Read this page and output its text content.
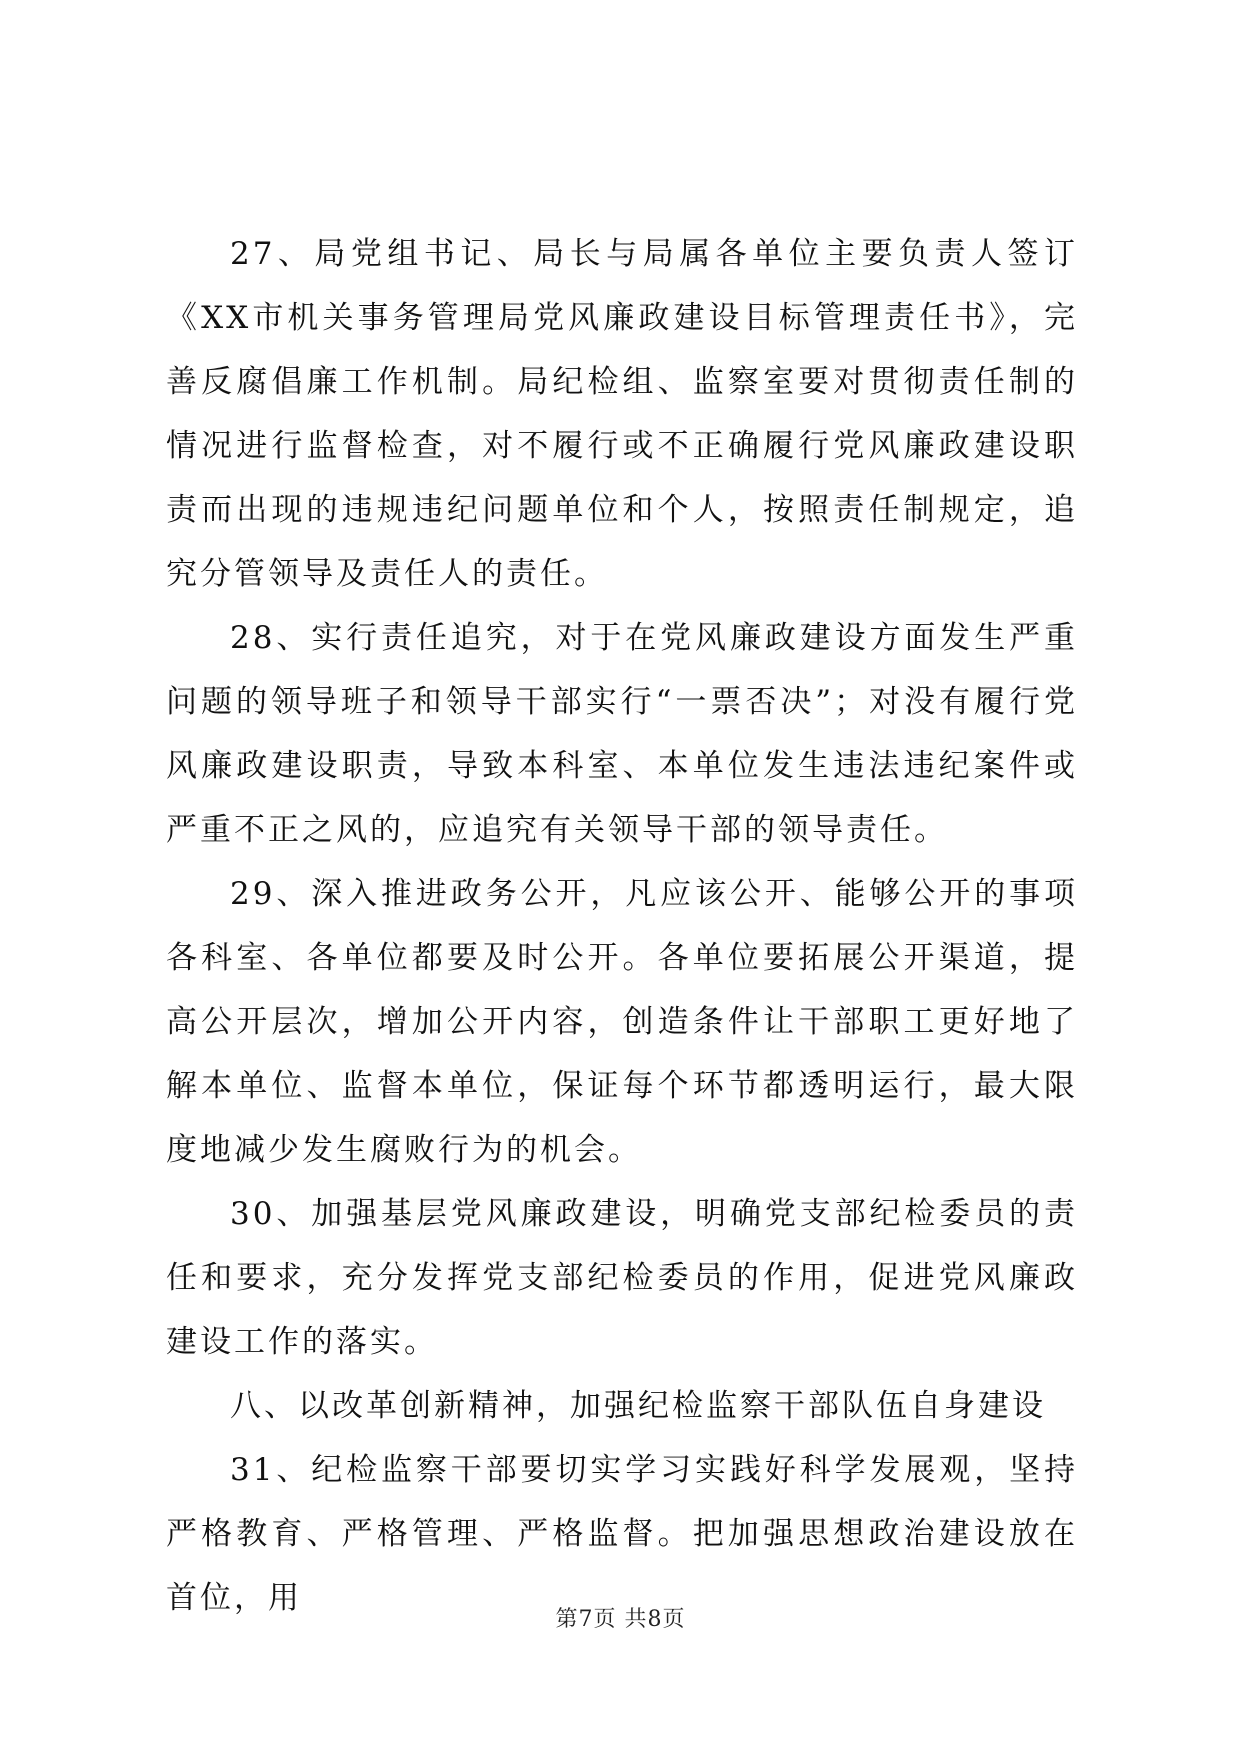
27、局党组书记、局长与局属各单位主要负责人签订《XX市机关事务管理局党风廉政建设目标管理责任书》，完善反腐倡廉工作机制。局纪检组、监察室要对贯彻责任制的情况进行监督检查，对不履行或不正确履行党风廉政建设职责而出现的违规违纪问题单位和个人，按照责任制规定，追究分管领导及责任人的责任。

28、实行责任追究，对于在党风廉政建设方面发生严重问题的领导班子和领导干部实行“一票否决”；对没有履行党风廉政建设职责，导致本科室、本单位发生违法违纪案件或严重不正之风的，应追究有关领导干部的领导责任。

29、深入推进政务公开，凡应该公开、能够公开的事项各科室、各单位都要及时公开。各单位要拓展公开渠道，提高公开层次，增加公开内容，创造条件让干部职工更好地了解本单位、监督本单位，保证每个环节都透明运行，最大限度地减少发生腐败行为的机会。

30、加强基层党风廉政建设，明确党支部纪检委员的责任和要求，充分发挥党支部纪检委员的作用，促进党风廉政建设工作的落实。

八、以改革创新精神，加强纪检监察干部队伍自身建设

31、纪检监察干部要切实学习实践好科学发展观，坚持严格教育、严格管理、严格监督。把加强思想政治建设放在首位，用

第7页 共8页
